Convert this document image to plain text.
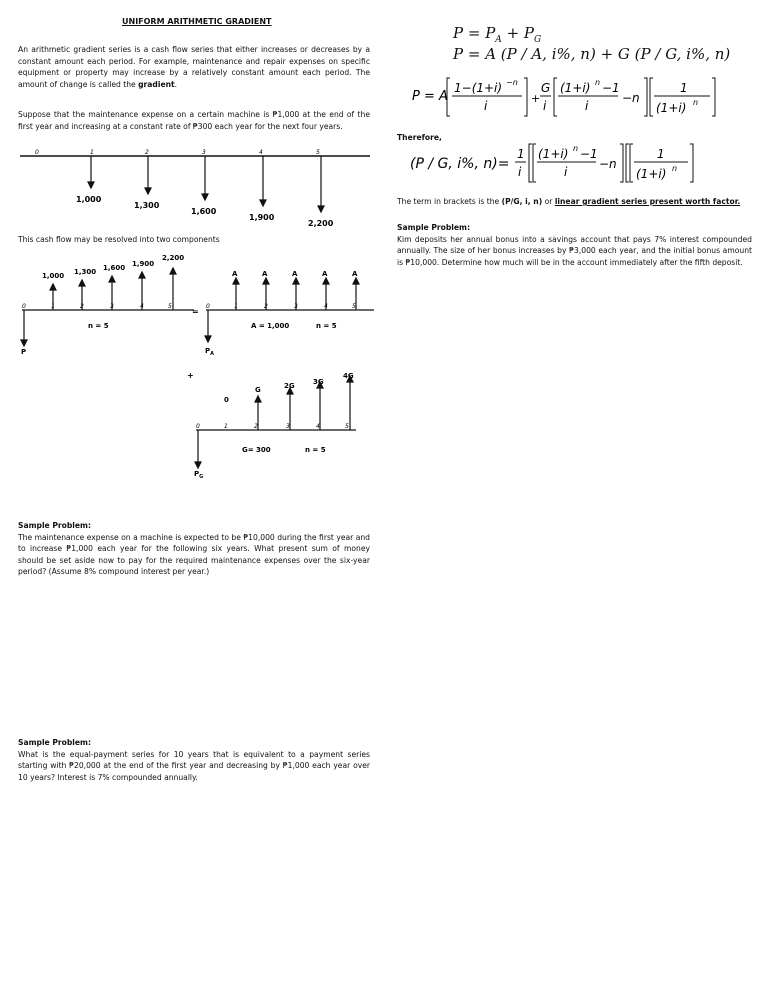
UNIFORM ARITHMETIC GRADIENT

An arithmetic gradient series is a cash flow series that either increases or decreases by a constant amount each period. For example, maintenance and repair expenses on specific equipment or property may increase by a relatively constant amount each period. The amount of change is called the gradient.

Suppose that the maintenance expense on a certain machine is ₱1,000 at the end of the first year and increasing at a constant rate of ₱300 each year for the next four years.

0	1	2	3	4	5
1,000
1,300
1,600
1,900
2,200

This cash flow may be resolved into two components

1,000 1,300 1,600 1,900
2,200
0	1	2	3	4	5
n = 5
P
=
A	A	A	A	A
0	1	2	3	4	5
A = 1,000	n = 5
$P_A$
+
0
G	2G	3G
4G
0	1	2	3	4	5
G= 300	n = 5
$P_G$

Sample Problem:
The maintenance expense on a machine is expected to be ₱10,000 during the first year and to increase ₱1,000 each year for the following six years. What present sum of money should be set aside now to pay for the required maintenance expenses over the six-year period? (Assume 8% compound interest per year.)

Sample Problem:
What is the equal-payment series for 10 years that is equivalent to a payment series starting with ₱20,000 at the end of the first year and decreasing by ₱1,000 each year over 10 years? Interest is 7% compounded annually.

$P = P_A + P_G$
P = A (P / A, i%, n) + G (P / G, i%, n)
P = A
1−(1+i) −n
i
+
G
i
(1+i) n −1
i
−n
1
(1+i) n
Therefore,
(P / G, i%, n)=
1
i
(1+i) n −1
i
−n
1
(1+i) n

The term in brackets is the (P/G, i, n) or linear gradient series present worth factor.

Sample Problem:
Kim deposits her annual bonus into a savings account that pays 7% interest compounded annually. The size of her bonus increases by ₱3,000 each year, and the initial bonus amount is ₱10,000. Determine how much will be in the account immediately after the fifth deposit.
